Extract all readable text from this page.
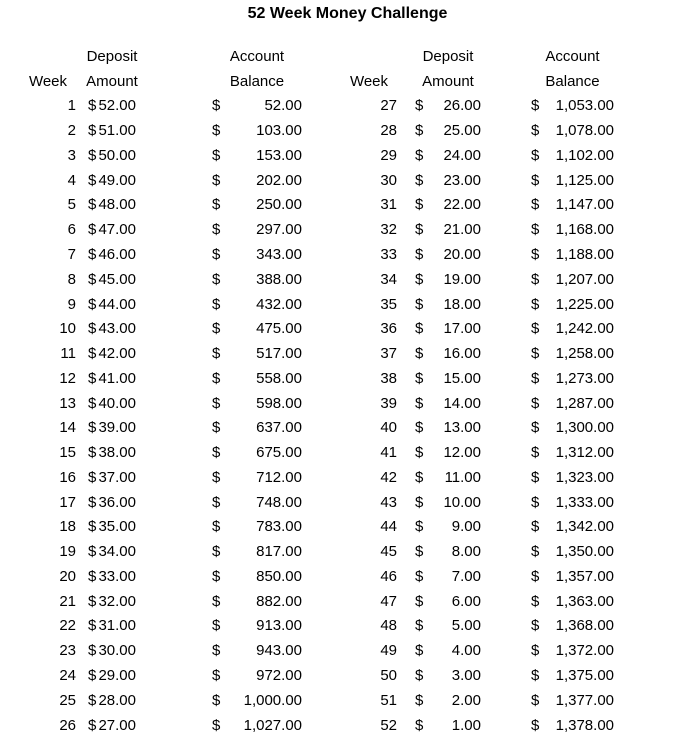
52 Week Money Challenge
Deposit	Account
Week	Amount	Balance
1 $ 52.00	$	52.00
2 $ 51.00	$ 103.00
3 $ 50.00	$ 153.00
4 $ 49.00	$ 202.00
5 $ 48.00	$ 250.00
6 $ 47.00	$ 297.00
7 $ 46.00	$ 343.00
8 $ 45.00	$ 388.00
9 $ 44.00	$ 432.00
10 $ 43.00	$ 475.00
11 $ 42.00	$ 517.00
12 $ 41.00	$ 558.00
13 $ 40.00	$ 598.00
14 $ 39.00	$ 637.00
15 $ 38.00	$ 675.00
16 $ 37.00	$ 712.00
17 $ 36.00	$ 748.00
18 $ 35.00	$ 783.00
19 $ 34.00	$ 817.00
20 $ 33.00	$ 850.00
21 $ 32.00	$ 882.00
22 $ 31.00	$ 913.00
23 $ 30.00	$ 943.00
24 $ 29.00	$ 972.00
25 $ 28.00	$ 1,000.00
26 $ 27.00	$ 1,027.00
Deposit	Account
Week	Amount	Balance
27 $ 26.00	$ 1,053.00
28 $ 25.00	$ 1,078.00
29 $ 24.00	$ 1,102.00
30 $ 23.00	$ 1,125.00
31 $ 22.00	$ 1,147.00
32 $ 21.00	$ 1,168.00
33 $ 20.00	$ 1,188.00
34 $ 19.00	$ 1,207.00
35 $ 18.00	$ 1,225.00
36 $ 17.00	$ 1,242.00
37 $ 16.00	$ 1,258.00
38 $ 15.00	$ 1,273.00
39 $ 14.00	$ 1,287.00
40 $ 13.00	$ 1,300.00
41 $ 12.00	$ 1,312.00
42 $ 11.00	$ 1,323.00
43 $ 10.00	$ 1,333.00
44 $ 9.00	$ 1,342.00
45 $ 8.00	$ 1,350.00
46 $ 7.00	$ 1,357.00
47 $ 6.00	$ 1,363.00
48 $ 5.00	$ 1,368.00
49 $ 4.00	$ 1,372.00
50 $ 3.00	$ 1,375.00
51 $ 2.00	$ 1,377.00
52 $ 1.00	$ 1,378.00
